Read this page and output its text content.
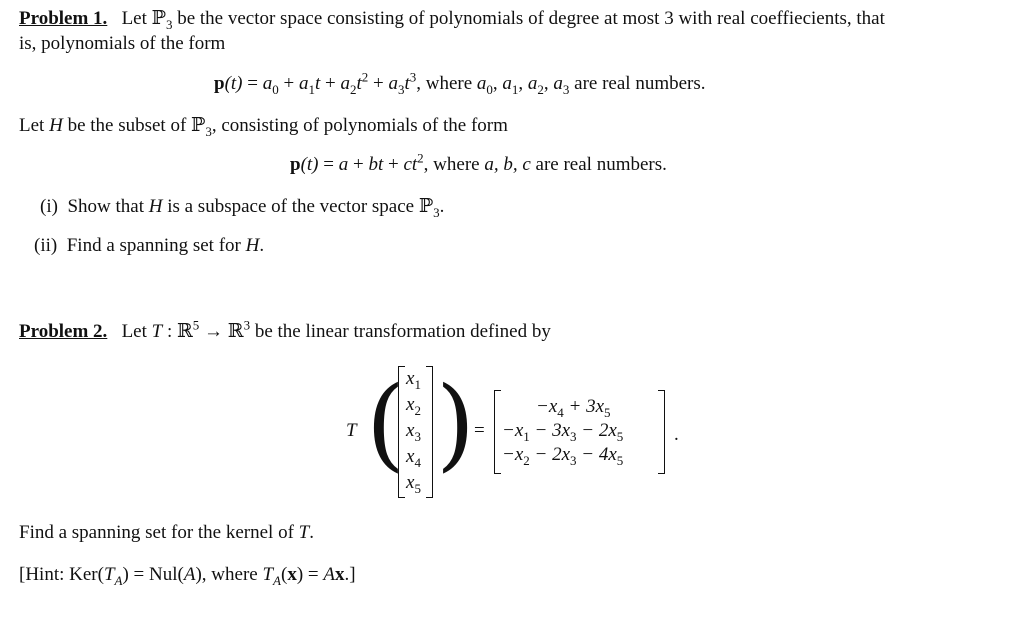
Problem 1. Let ℙ$_3$ be the vector space consisting of polynomials of degree at most 3 with real coeffiecients, that
is, polynomials of the form
$p(t) = a_0 + a_1t + a_2t^2 + a_3t^3$, where $a_0$, $a_1$, $a_2$, $a_3$ are real numbers.
Let H be the subset of ℙ$_3$, consisting of polynomials of the form
p(t) = a + bt + $ct^2$, where a, b, c are real numbers.
(i) Show that H is a subspace of the vector space ℙ$_3$.
(ii) Find a spanning set for H.
Problem 2. Let T : ℝ$^5$ → ℝ$^3$ be the linear transformation defined by
T ( $x_1$
$x_2$
$x_3$
$x_4$
$x_5$
)
=
$-x_4 + 3x_5$
$-x_1 - 3x_3 - 2x_5$
$-x_2 - 2x_3 - 4x_5$
.
Find a spanning set for the kernel of T.
[Hint: $Ker(T_A) = Nul(A)$, where $T_A(x) = Ax$.]
